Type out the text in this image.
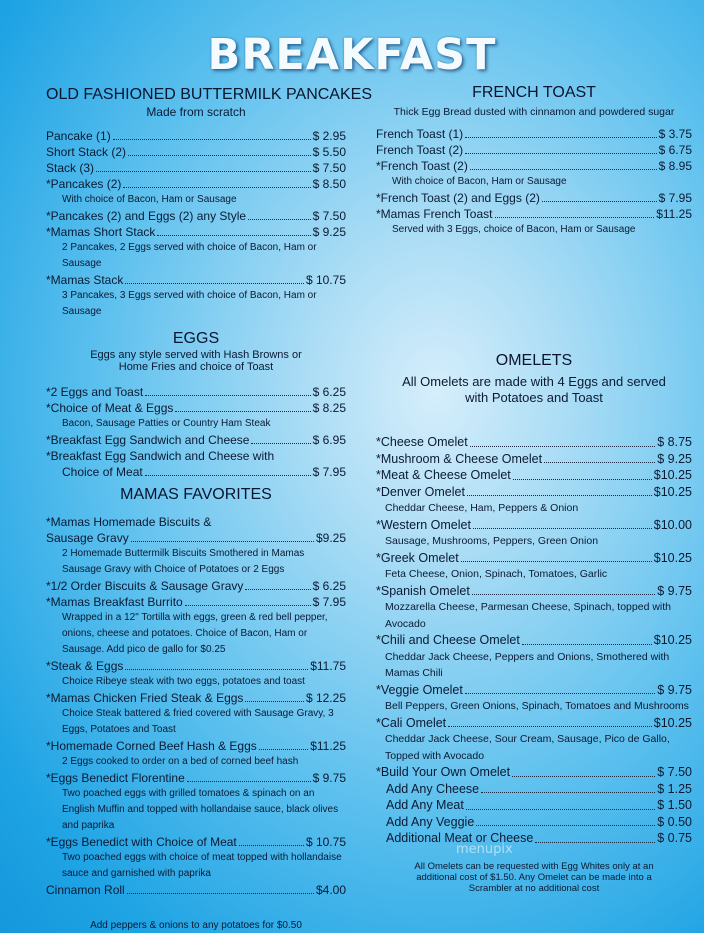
BREAKFAST
OLD FASHIONED BUTTERMILK PANCAKES
Made from scratch
Pancake (1)	$ 2.95
Short Stack (2)	$ 5.50
Stack (3)	$ 7.50
*Pancakes (2)	$ 8.50
With choice of Bacon, Ham or Sausage
*Pancakes (2) and Eggs (2) any Style	$ 7.50
*Mamas Short Stack	$ 9.25
2 Pancakes, 2 Eggs served with choice of Bacon, Ham or Sausage
*Mamas Stack	$ 10.75
3 Pancakes, 3 Eggs served with choice of Bacon, Ham or Sausage
EGGS
Eggs any style served with Hash Browns or Home Fries and choice of Toast
*2 Eggs and Toast	$ 6.25
*Choice of Meat & Eggs	$ 8.25
Bacon, Sausage Patties or Country Ham Steak
*Breakfast Egg Sandwich and Cheese	$ 6.95
*Breakfast Egg Sandwich and Cheese with
Choice of Meat	$ 7.95
MAMAS FAVORITES
*Mamas Homemade Biscuits &
Sausage Gravy	$9.25
2 Homemade Buttermilk Biscuits Smothered in Mamas Sausage Gravy with Choice of Potatoes or 2 Eggs
*1/2 Order Biscuits & Sausage Gravy	$ 6.25
*Mamas Breakfast Burrito	$ 7.95
Wrapped in a 12" Tortilla with eggs, green & red bell pepper, onions, cheese and potatoes. Choice of Bacon, Ham or Sausage. Add pico de gallo for $0.25
*Steak & Eggs	$11.75
Choice Ribeye steak with two eggs, potatoes and toast
*Mamas Chicken Fried Steak & Eggs	$ 12.25
Choice Steak battered & fried covered with Sausage Gravy, 3 Eggs, Potatoes and Toast
*Homemade Corned Beef Hash & Eggs	$11.25
2 Eggs cooked to order on a bed of corned beef hash
*Eggs Benedict Florentine	$ 9.75
Two poached eggs with grilled tomatoes & spinach on an English Muffin and topped with hollandaise sauce, black olives and paprika
*Eggs Benedict with Choice of Meat	$ 10.75
Two poached eggs with choice of meat topped with hollandaise sauce and garnished with paprika
Cinnamon Roll	$4.00
Add peppers & onions to any potatoes for $0.50
FRENCH TOAST
Thick Egg Bread dusted with cinnamon and powdered sugar
French Toast (1)	$ 3.75
French Toast (2)	$ 6.75
*French Toast (2)	$ 8.95
With choice of Bacon, Ham or Sausage
*French Toast (2) and Eggs (2)	$ 7.95
*Mamas French Toast	$11.25
Served with 3 Eggs, choice of Bacon, Ham or Sausage
OMELETS
All Omelets are made with 4 Eggs and served with Potatoes and Toast
*Cheese Omelet	$ 8.75
*Mushroom & Cheese Omelet	$ 9.25
*Meat & Cheese Omelet	$10.25
*Denver Omelet	$10.25
Cheddar Cheese, Ham, Peppers & Onion
*Western Omelet	$10.00
Sausage, Mushrooms, Peppers, Green Onion
*Greek Omelet	$10.25
Feta Cheese, Onion, Spinach, Tomatoes, Garlic
*Spanish Omelet	$ 9.75
Mozzarella Cheese, Parmesan Cheese, Spinach, topped with Avocado
*Chili and Cheese Omelet	$10.25
Cheddar Jack Cheese, Peppers and Onions, Smothered with Mamas Chili
*Veggie Omelet	$ 9.75
Bell Peppers, Green Onions, Spinach, Tomatoes and Mushrooms
*Cali Omelet	$10.25
Cheddar Jack Cheese, Sour Cream, Sausage, Pico de Gallo, Topped with Avocado
*Build Your Own Omelet	$ 7.50
Add Any Cheese	$ 1.25
Add Any Meat	$ 1.50
Add Any Veggie	$ 0.50
Additional Meat or Cheese	$ 0.75
All Omelets can be requested with Egg Whites only at an additional cost of $1.50. Any Omelet can be made into a Scrambler at no additional cost
menupix
